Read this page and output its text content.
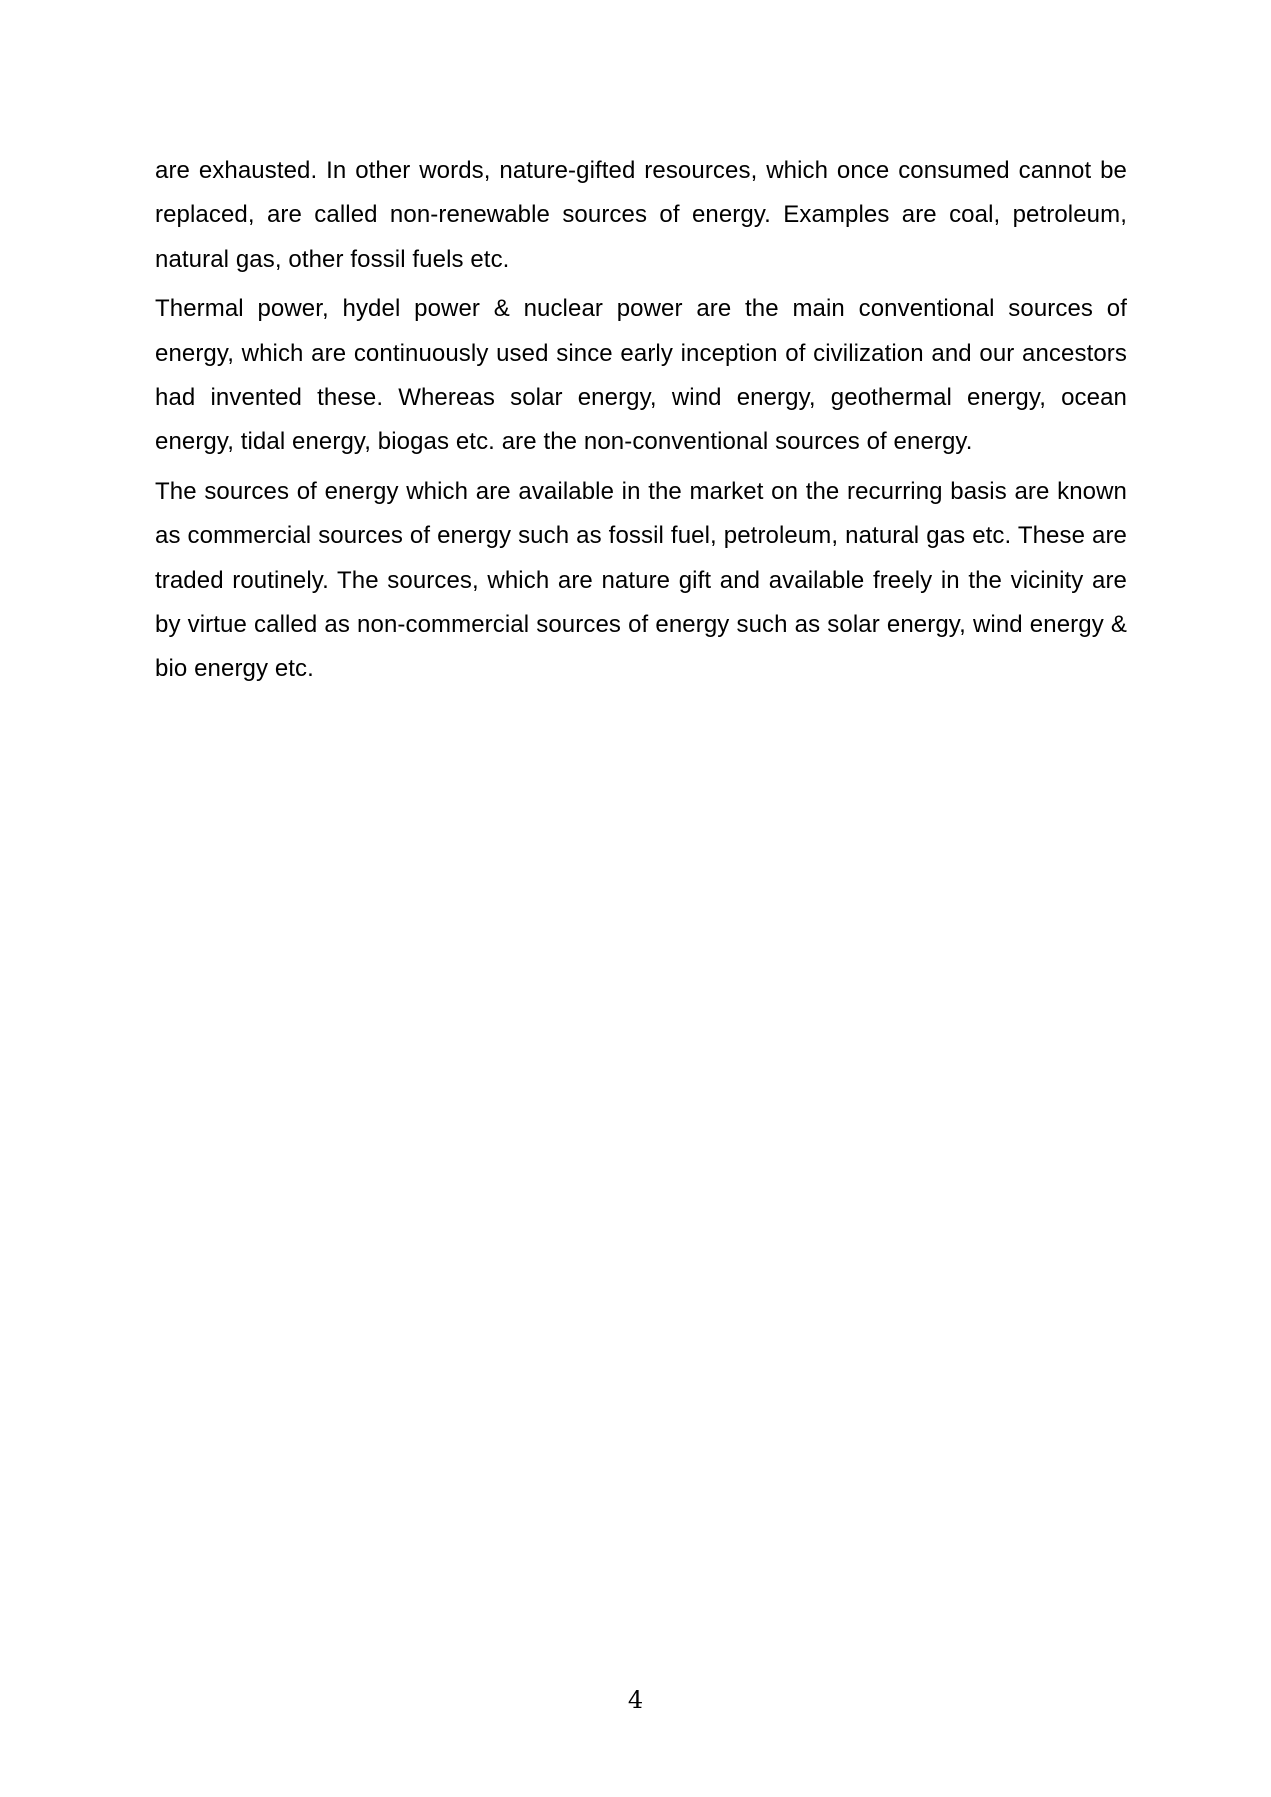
are exhausted. In other words, nature-gifted resources, which once consumed cannot be replaced, are called non-renewable sources of energy. Examples are coal, petroleum, natural gas, other fossil fuels etc.

Thermal power, hydel power & nuclear power are the main conventional sources of energy, which are continuously used since early inception of civilization and our ancestors had invented these. Whereas solar energy, wind energy, geothermal energy, ocean energy, tidal energy, biogas etc. are the non-conventional sources of energy.

The sources of energy which are available in the market on the recurring basis are known as commercial sources of energy such as fossil fuel, petroleum, natural gas etc. These are traded routinely. The sources, which are nature gift and available freely in the vicinity are by virtue called as non-commercial sources of energy such as solar energy, wind energy & bio energy etc.

4
